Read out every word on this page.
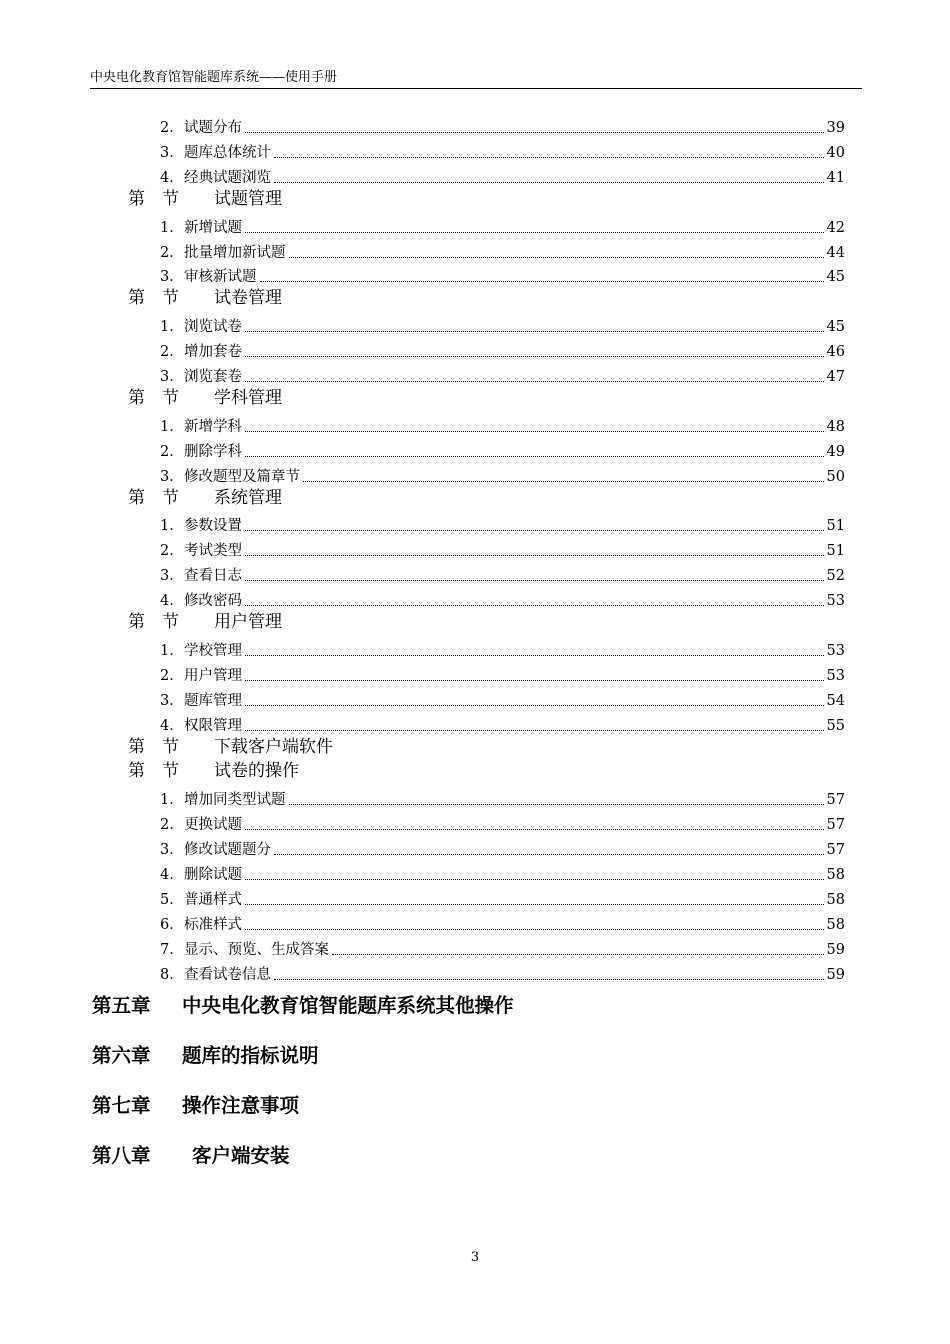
中央电化教育馆智能题库系统——使用手册
2． 试题分布	39
3． 题库总体统计	40
4． 经典试题浏览	41
第　节 试题管理
1． 新增试题	42
2． 批量增加新试题	44
3． 审核新试题	45
第　节 试卷管理
1． 浏览试卷	45
2． 增加套卷	46
3． 浏览套卷	47
第　节 学科管理
1． 新增学科	48
2． 删除学科	49
3． 修改题型及篇章节	50
第　节 系统管理
1． 参数设置	51
2． 考试类型	51
3． 查看日志	52
4． 修改密码	53
第　节 用户管理
1． 学校管理	53
2． 用户管理	53
3． 题库管理	54
4． 权限管理	55
第　节 下载客户端软件
第　节 试卷的操作
1． 增加同类型试题	57
2． 更换试题	57
3． 修改试题题分	57
4． 删除试题	58
5． 普通样式	58
6． 标准样式	58
7． 显示、预览、生成答案	59
8． 查看试卷信息	59
第五章 中央电化教育馆智能题库系统其他操作
第六章 题库的指标说明
第七章 操作注意事项
第八章 客户端安装
3
